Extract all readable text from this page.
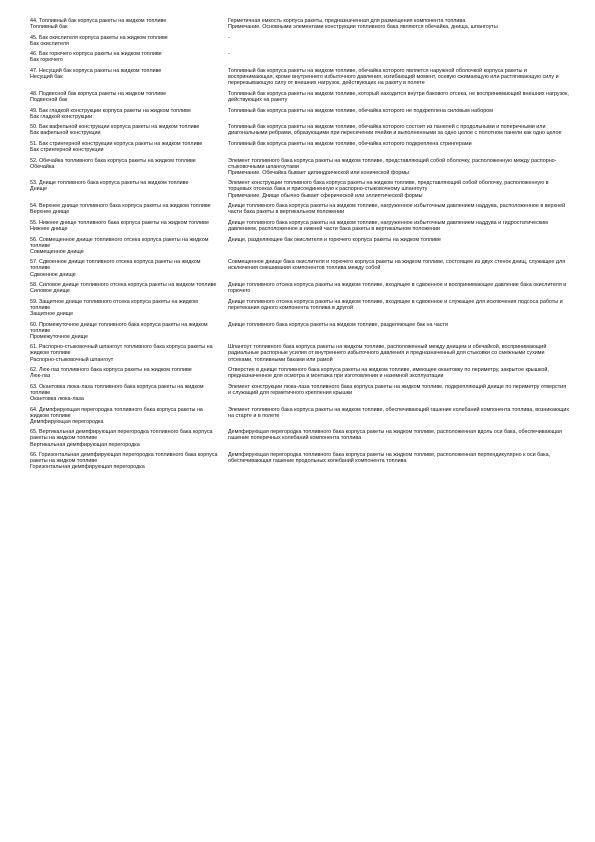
44. Топливный бак корпуса ракеты на жидком топливе
Топливный бак
Герметичная емкость корпуса ракеты, предназначенная для размещения компонента топлива
Примечание. Основными элементами конструкции топливного бака являются обечайка, днища, шпангоуты
45. Бак окислителя корпуса ракеты на жидком топливе
Бак окислителя
-
46. Бак горючего корпуса ракеты на жидком топливе
Бак горючего
-
47. Несущий бак корпуса ракеты на жидком топливе
Несущий бак
Топливный бак корпуса ракеты на жидком топливе, обечайка которого является наружной оболочкой корпуса ракеты и воспринимающая, кроме внутреннего избыточного давления, изгибающий момент, осевую сжимающую или растягивающую силу и перерезывающую силу от внешних нагрузок, действующих на ракету в полете
48. Подвесной бак корпуса ракеты на жидком топливе
Подвесной бак
Топливный бак корпуса ракеты на жидком топливе, который находится внутри бакового отсека, не воспринимающий внешних нагрузок, действующих на ракету
49. Бак гладкой конструкции корпуса ракеты на жидком топливе
Бак гладкой конструкции
Топливный бак корпуса ракеты на жидком топливе, обечайка которого не подкреплена силовым набором
50. Бак вафельной конструкции корпуса ракеты на жидком топливе
Бак вафельной конструкции
Топливный бак корпуса ракеты на жидком топливе, обечайка которого состоит из панелей с продольными и поперечными или диагональными ребрами, образующими при пересечении ячейки и выполненными за одно целое с полотном панели как одно целое
51. Бак стрингерной конструкции корпуса ракеты на жидком топливе
Бак стрингерной конструкции
Топливный бак корпуса ракеты на жидком топливе, обечайка которого подкреплена стрингерами
52. Обечайка топливного бака корпуса ракеты на жидком топливе
Обечайка
Элемент топливного бака корпуса ракеты на жидком топливе, представляющий собой оболочку, расположенную между распорно-стыковочными шпангоутами
Примечание. Обечайка бывает цилиндрической или конической формы
53. Днище топливного бака корпуса ракеты на жидком топливе
Днище
Элемент конструкции топливного бака корпуса ракеты на жидком топливе, представляющий собой оболочку, расположенную в торцевых отсеках бака и присоединенную к распорно-стыковочному шпангоуту
Примечание. Днище обычно бывает сферической или эллиптической формы
54. Верхнее днище топливного бака корпуса ракеты на жидком топливе
Верхнее днище
Днище топливного бака корпуса ракеты на жидком топливе, нагруженное избыточным давлением наддува, расположенное в верхней части бака ракеты в вертикальном положении
55. Нижнее днище топливного бака корпуса ракеты на жидком топливе
Нижнее днище
Днище топливного бака корпуса ракеты на жидком топливе, нагруженное избыточным давлением наддува и гидростатическим давлением, расположенное в нижней части бака ракеты в вертикальном положении
56. Совмещенное днище топливного отсека корпуса ракеты на жидком топливе
Совмещенное днище
Днище, разделяющее бак окислителя и горючего корпуса ракеты на жидком топливе
57. Сдвоенное днище топливного отсека корпуса ракеты на жидком топливе
Сдвоенное днище
Совмещенное днище бака окислителя и горючего корпуса ракеты на жидком топливе, состоящее из двух стенок днищ, служащее для исключения смешивания компонентов топлива между собой
58. Силовое днище топливного отсека корпуса ракеты на жидком топливе
Силовое днище
Днище топливного отсека корпуса ракеты на жидком топливе, входящее в сдвоенное и воспринимающее давление бака окислителя и горючего
59. Защитное днище топливного отсека корпуса ракеты на жидком топливе
Защитное днище
Днище топливного отсека корпуса ракеты на жидком топливе, входящее в сдвоенное и служащее для исключения подсоса работы и перетекания одного компонента топлива в другой
60. Промежуточное днище топливного бака корпуса ракеты на жидком топливе
Промежуточное днище
Днище топливного бака корпуса ракеты на жидком топливе, разделяющее бак на части
61. Распорно-стыковочный шпангоут топливного бака корпуса ракеты на жидком топливе
Распорно-стыковочный шпангоут
Шпангоут топливного бака корпуса ракеты на жидком топливе, расположенный между днищем и обечайкой, воспринимающий радиальные распорные усилия от внутреннего избыточного давления и предназначенный для стыковки со смежными сухими отсеками, топливными баками или рамой
62. Люк-лаз топливного бака корпуса ракеты на жидком топливе
Люк-лаз
Отверстие в днище топливного бака корпуса ракеты на жидком топливе, имеющее окантовку по периметру, закрытое крышкой, предназначенное для осмотра и монтажа при изготовлении и наземной эксплуатации
63. Окантовка люка-лаза топливного бака корпуса ракеты на жидком топливе
Окантовка люка-лаза
Элемент конструкции люка-лаза топливного бака корпуса ракеты на жидком топливе, подкрепляющий днище по периметру отверстия и служащий для герметичного крепления крышки
64. Демпфирующая перегородка топливного бака корпуса ракеты на жидком топливе
Демпфирующая перегородка
Элемент топливного бака корпуса ракеты на жидком топливе, обеспечивающий гашение колебаний компонента топлива, возникающих на старте и в полете
65. Вертикальная демпфирующая перегородка топливного бака корпуса ракеты на жидком топливе
Вертикальная демпфирующая перегородка
Демпфирующая перегородка топливного бака корпуса ракеты на жидком топливе, расположенная вдоль оси бака, обеспечивающая гашение поперечных колебаний компонента топлива
66. Горизонтальная демпфирующая перегородка топливного бака корпуса ракеты на жидком топливе
Горизонтальная демпфирующая перегородка
Демпфирующая перегородка топливного бака корпуса ракеты на жидком топливе, расположенная перпендикулярно к оси бака, обеспечивающая гашение продольных колебаний компонента топлива
